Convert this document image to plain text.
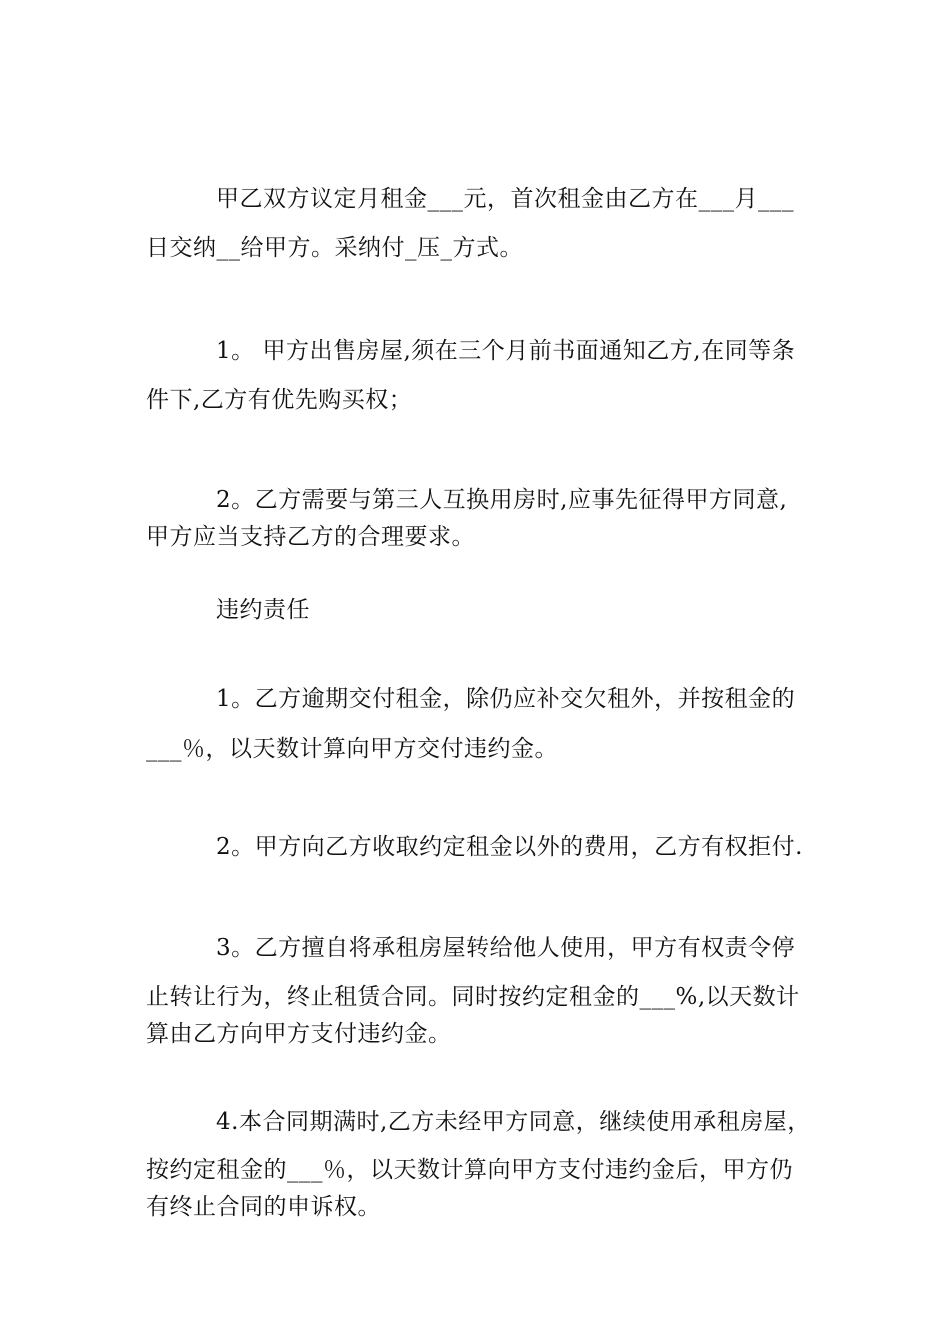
甲乙双方议定月租金___元，首次租金由乙方在___月___
日交纳__给甲方。采纳付_压_方式。
1。 甲方出售房屋,须在三个月前书面通知乙方,在同等条
件下,乙方有优先购买权；
2。乙方需要与第三人互换用房时,应事先征得甲方同意,
甲方应当支持乙方的合理要求。
违约责任
1。乙方逾期交付租金，除仍应补交欠租外，并按租金的
___％，以天数计算向甲方交付违约金。
2。甲方向乙方收取约定租金以外的费用，乙方有权拒付.
3。乙方擅自将承租房屋转给他人使用，甲方有权责令停
止转让行为，终止租赁合同。同时按约定租金的___%,以天数计
算由乙方向甲方支付违约金。
4.本合同期满时,乙方未经甲方同意，继续使用承租房屋，
按约定租金的___％，以天数计算向甲方支付违约金后，甲方仍
有终止合同的申诉权。
